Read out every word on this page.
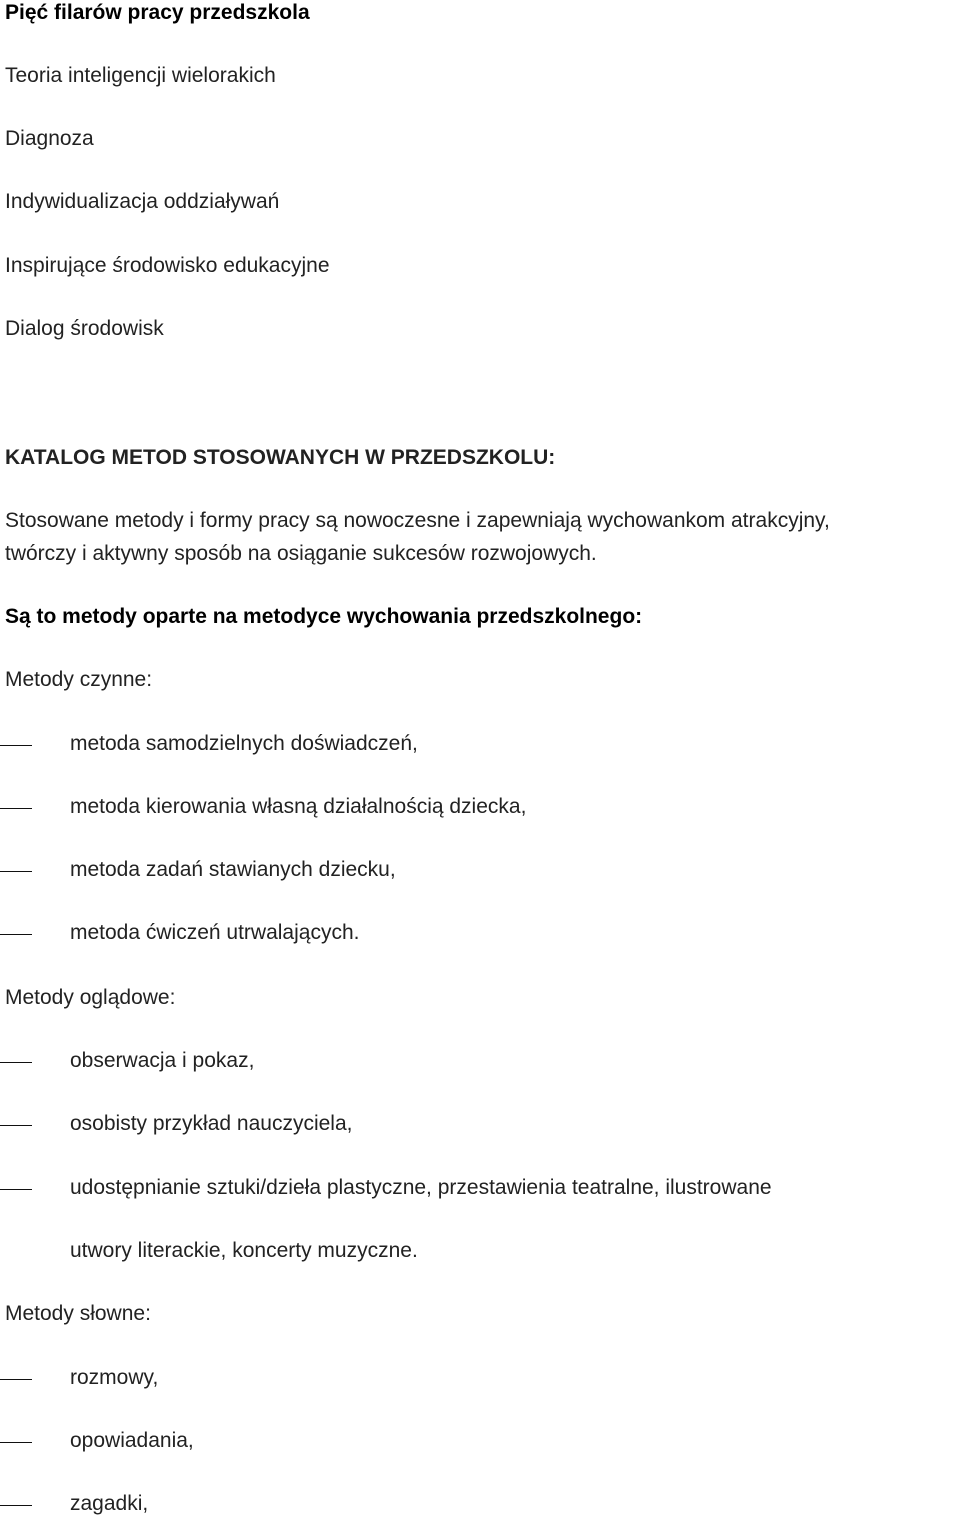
Pięć filarów pracy przedszkola
Teoria inteligencji wielorakich
Diagnoza
Indywidualizacja oddziaływań
Inspirujące środowisko edukacyjne
Dialog środowisk
KATALOG METOD STOSOWANYCH W PRZEDSZKOLU:
Stosowane metody i formy pracy są nowoczesne i zapewniają wychowankom atrakcyjny,
twórczy i aktywny sposób na osiąganie sukcesów rozwojowych.
Są to metody oparte na metodyce wychowania przedszkolnego:
Metody czynne:
metoda samodzielnych doświadczeń,
metoda kierowania własną działalnością dziecka,
metoda zadań stawianych dziecku,
metoda ćwiczeń utrwalających.
Metody oglądowe:
obserwacja i pokaz,
osobisty przykład nauczyciela,
udostępnianie sztuki/dzieła plastyczne, przestawienia teatralne, ilustrowane
utwory literackie, koncerty muzyczne.
Metody słowne:
rozmowy,
opowiadania,
zagadki,
